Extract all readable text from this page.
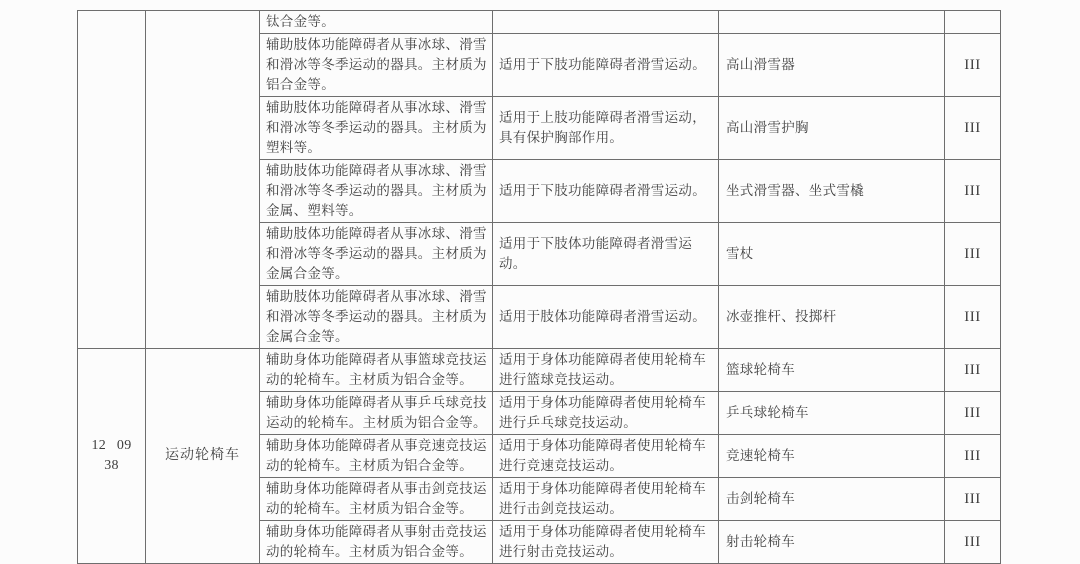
		钛合金等。			
		辅助肢体功能障碍者从事冰球、滑雪和滑冰等冬季运动的器具。主材质为铝合金等。	适用于下肢功能障碍者滑雪运动。	高山滑雪器	III
		辅助肢体功能障碍者从事冰球、滑雪和滑冰等冬季运动的器具。主材质为塑料等。	适用于上肢功能障碍者滑雪运动，具有保护胸部作用。	高山滑雪护胸	III
		辅助肢体功能障碍者从事冰球、滑雪和滑冰等冬季运动的器具。主材质为金属、塑料等。	适用于下肢功能障碍者滑雪运动。	坐式滑雪器、坐式雪橇	III
		辅助肢体功能障碍者从事冰球、滑雪和滑冰等冬季运动的器具。主材质为金属合金等。	适用于下肢体功能障碍者滑雪运动。	雪杖	III
		辅助肢体功能障碍者从事冰球、滑雪和滑冰等冬季运动的器具。主材质为金属合金等。	适用于肢体功能障碍者滑雪运动。	冰壶推杆、投掷杆	III
12 09 38	运动轮椅车	辅助身体功能障碍者从事篮球竞技运动的轮椅车。主材质为铝合金等。	适用于身体功能障碍者使用轮椅车进行篮球竞技运动。	篮球轮椅车	III
		辅助身体功能障碍者从事乒乓球竞技运动的轮椅车。主材质为铝合金等。	适用于身体功能障碍者使用轮椅车进行乒乓球竞技运动。	乒乓球轮椅车	III
		辅助身体功能障碍者从事竞速竞技运动的轮椅车。主材质为铝合金等。	适用于身体功能障碍者使用轮椅车进行竞速竞技运动。	竞速轮椅车	III
		辅助身体功能障碍者从事击剑竞技运动的轮椅车。主材质为铝合金等。	适用于身体功能障碍者使用轮椅车进行击剑竞技运动。	击剑轮椅车	III
		辅助身体功能障碍者从事射击竞技运动的轮椅车。主材质为铝合金等。	适用于身体功能障碍者使用轮椅车进行射击竞技运动。	射击轮椅车	III
